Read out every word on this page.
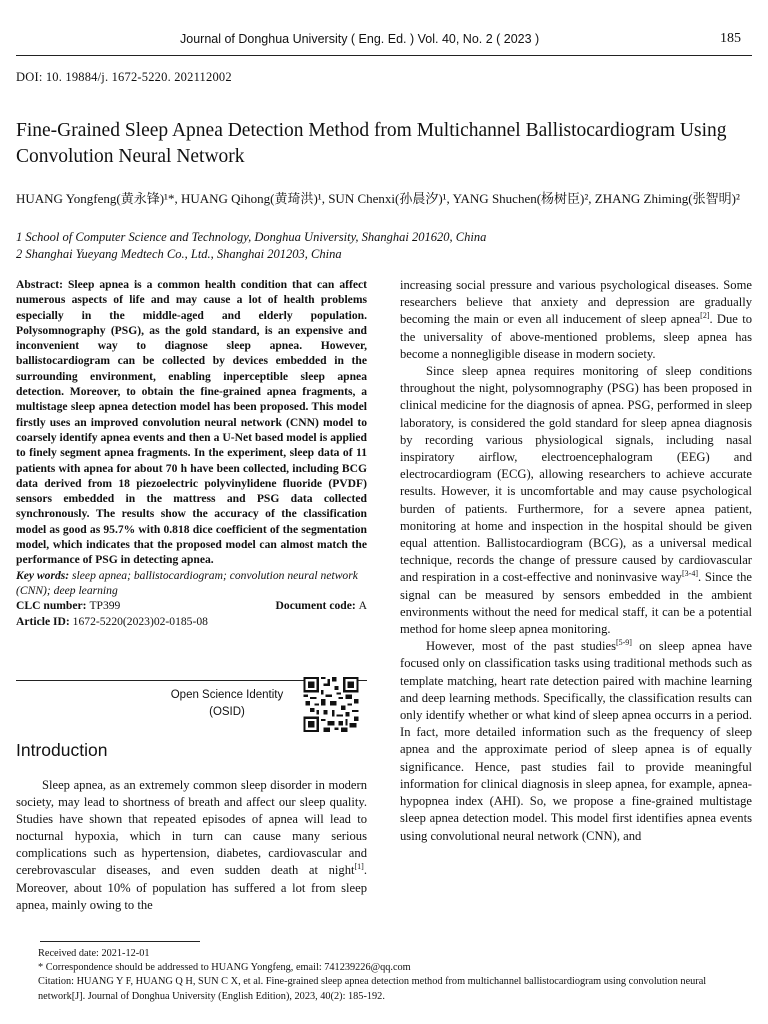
Journal of Donghua University ( Eng. Ed. ) Vol. 40, No. 2 ( 2023 )	185
DOI: 10. 19884/j. 1672-5220. 202112002
Fine-Grained Sleep Apnea Detection Method from Multichannel Ballistocardiogram Using Convolution Neural Network
HUANG Yongfeng(黄永锋)¹*, HUANG Qihong(黄琦洪)¹, SUN Chenxi(孙晨汐)¹, YANG Shuchen(杨树臣)², ZHANG Zhiming(张智明)²
1 School of Computer Science and Technology, Donghua University, Shanghai 201620, China
2 Shanghai Yueyang Medtech Co., Ltd., Shanghai 201203, China

Abstract: Sleep apnea is a common health condition that can affect numerous aspects of life and may cause a lot of health problems especially in the middle-aged and elderly population. Polysomnography (PSG), as the gold standard, is an expensive and inconvenient way to diagnose sleep apnea. However, ballistocardiogram can be collected by devices embedded in the surrounding environment, enabling inperceptible sleep apnea detection. Moreover, to obtain the fine-grained apnea fragments, a multistage sleep apnea detection model has been proposed. This model firstly uses an improved convolution neural network (CNN) model to coarsely identify apnea events and then a U-Net based model is applied to finely segment apnea fragments. In the experiment, sleep data of 11 patients with apnea for about 70 h have been collected, including BCG data derived from 18 piezoelectric polyvinylidene fluoride (PVDF) sensors embedded in the mattress and PSG data collected synchronously. The results show the accuracy of the classification model as good as 95.7% with 0.818 dice coefficient of the segmentation model, which indicates that the proposed model can almost match the performance of PSG in detecting apnea.

Key words: sleep apnea; ballistocardiogram; convolution neural network (CNN); deep learning

CLC number: TP399	Document code: A

Article ID: 1672-5220(2023)02-0185-08

Open Science Identity
(OSID)
Introduction
Sleep apnea, as an extremely common sleep disorder in modern society, may lead to shortness of breath and affect our sleep quality. Studies have shown that repeated episodes of apnea will lead to nocturnal hypoxia, which in turn can cause many serious complications such as hypertension, diabetes, cardiovascular and cerebrovascular diseases, and even sudden death at night[1]. Moreover, about 10% of population has suffered a lot from sleep apnea, mainly owing to the

increasing social pressure and various psychological diseases. Some researchers believe that anxiety and depression are gradually becoming the main or even all inducement of sleep apnea[2]. Due to the universality of above-mentioned problems, sleep apnea has become a nonnegligible disease in modern society.

Since sleep apnea requires monitoring of sleep conditions throughout the night, polysomnography (PSG) has been proposed in clinical medicine for the diagnosis of apnea. PSG, performed in sleep laboratory, is considered the gold standard for sleep apnea diagnosis by recording various physiological signals, including nasal inspiratory airflow, electroencephalogram (EEG) and electrocardiogram (ECG), allowing researchers to achieve accurate results. However, it is uncomfortable and may cause psychological burden of patients. Furthermore, for a severe apnea patient, monitoring at home and inspection in the hospital should be given equal attention. Ballistocardiogram (BCG), as a universal medical technique, records the change of pressure caused by cardiovascular and respiration in a cost-effective and noninvasive way[3-4]. Since the signal can be measured by sensors embedded in the ambient environments without the need for medical staff, it can be a potential method for home sleep apnea monitoring.

However, most of the past studies[5-9] on sleep apnea have focused only on classification tasks using traditional methods such as template matching, heart rate detection paired with machine learning and deep learning methods. Specifically, the classification results can only identify whether or what kind of sleep apnea occurrs in a period. In fact, more detailed information such as the frequency of sleep apnea and the approximate period of sleep apnea is of equally significance. Hence, past studies fail to provide meaningful information for clinical diagnosis in sleep apnea, for example, apnea-hypopnea index (AHI). So, we propose a fine-grained multistage sleep apnea detection model. This model first identifies apnea events using convolutional neural network (CNN), and

Received date: 2021-12-01

* Correspondence should be addressed to HUANG Yongfeng, email: 741239226@qq.com

Citation: HUANG Y F, HUANG Q H, SUN C X, et al. Fine-grained sleep apnea detection method from multichannel ballistocardiogram using convolution neural network[J]. Journal of Donghua University (English Edition), 2023, 40(2): 185-192.
